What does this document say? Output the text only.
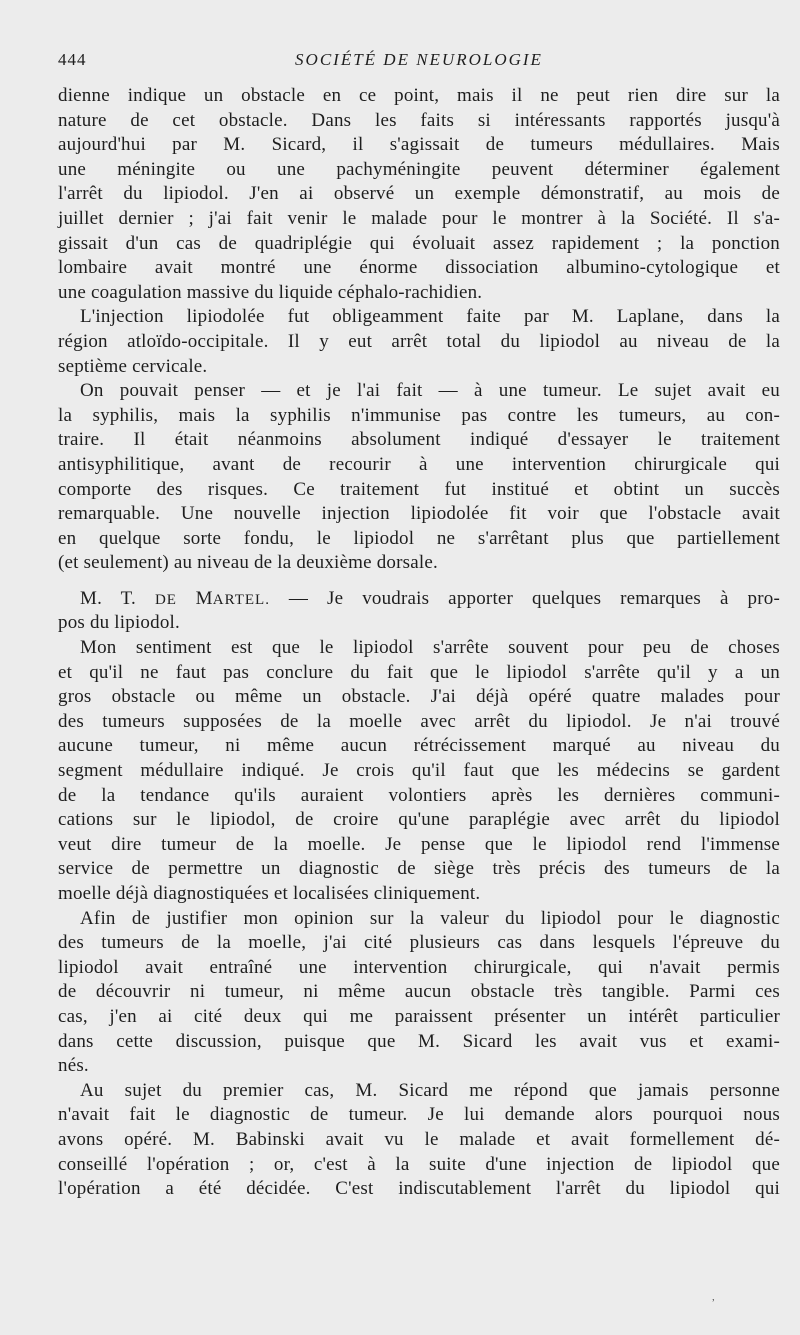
444	SOCIÉTÉ DE NEUROLOGIE
dienne indique un obstacle en ce point, mais il ne peut rien dire sur la
nature de cet obstacle. Dans les faits si intéressants rapportés jusqu'à
aujourd'hui par M. Sicard, il s'agissait de tumeurs médullaires. Mais
une méningite ou une pachyméningite peuvent déterminer également
l'arrêt du lipiodol. J'en ai observé un exemple démonstratif, au mois de
juillet dernier ; j'ai fait venir le malade pour le montrer à la Société. Il s'a-
gissait d'un cas de quadriplégie qui évoluait assez rapidement ; la ponction
lombaire avait montré une énorme dissociation albumino-cytologique et
une coagulation massive du liquide céphalo-rachidien.
L'injection lipiodolée fut obligeamment faite par M. Laplane, dans la
région atloïdo-occipitale. Il y eut arrêt total du lipiodol au niveau de la
septième cervicale.
On pouvait penser — et je l'ai fait — à une tumeur. Le sujet avait eu
la syphilis, mais la syphilis n'immunise pas contre les tumeurs, au con-
traire. Il était néanmoins absolument indiqué d'essayer le traitement
antisyphilitique, avant de recourir à une intervention chirurgicale qui
comporte des risques. Ce traitement fut institué et obtint un succès
remarquable. Une nouvelle injection lipiodolée fit voir que l'obstacle avait
en quelque sorte fondu, le lipiodol ne s'arrêtant plus que partiellement
(et seulement) au niveau de la deuxième dorsale.
M. T. DE MARTEL. — Je voudrais apporter quelques remarques à pro-
pos du lipiodol.
Mon sentiment est que le lipiodol s'arrête souvent pour peu de choses
et qu'il ne faut pas conclure du fait que le lipiodol s'arrête qu'il y a un
gros obstacle ou même un obstacle. J'ai déjà opéré quatre malades pour
des tumeurs supposées de la moelle avec arrêt du lipiodol. Je n'ai trouvé
aucune tumeur, ni même aucun rétrécissement marqué au niveau du
segment médullaire indiqué. Je crois qu'il faut que les médecins se gardent
de la tendance qu'ils auraient volontiers après les dernières communi-
cations sur le lipiodol, de croire qu'une paraplégie avec arrêt du lipiodol
veut dire tumeur de la moelle. Je pense que le lipiodol rend l'immense
service de permettre un diagnostic de siège très précis des tumeurs de la
moelle déjà diagnostiquées et localisées cliniquement.
Afin de justifier mon opinion sur la valeur du lipiodol pour le diagnostic
des tumeurs de la moelle, j'ai cité plusieurs cas dans lesquels l'épreuve du
lipiodol avait entraîné une intervention chirurgicale, qui n'avait permis
de découvrir ni tumeur, ni même aucun obstacle très tangible. Parmi ces
cas, j'en ai cité deux qui me paraissent présenter un intérêt particulier
dans cette discussion, puisque que M. Sicard les avait vus et exami-
nés.
Au sujet du premier cas, M. Sicard me répond que jamais personne
n'avait fait le diagnostic de tumeur. Je lui demande alors pourquoi nous
avons opéré. M. Babinski avait vu le malade et avait formellement dé-
conseillé l'opération ; or, c'est à la suite d'une injection de lipiodol que
l'opération a été décidée. C'est indiscutablement l'arrêt du lipiodol qui
,
